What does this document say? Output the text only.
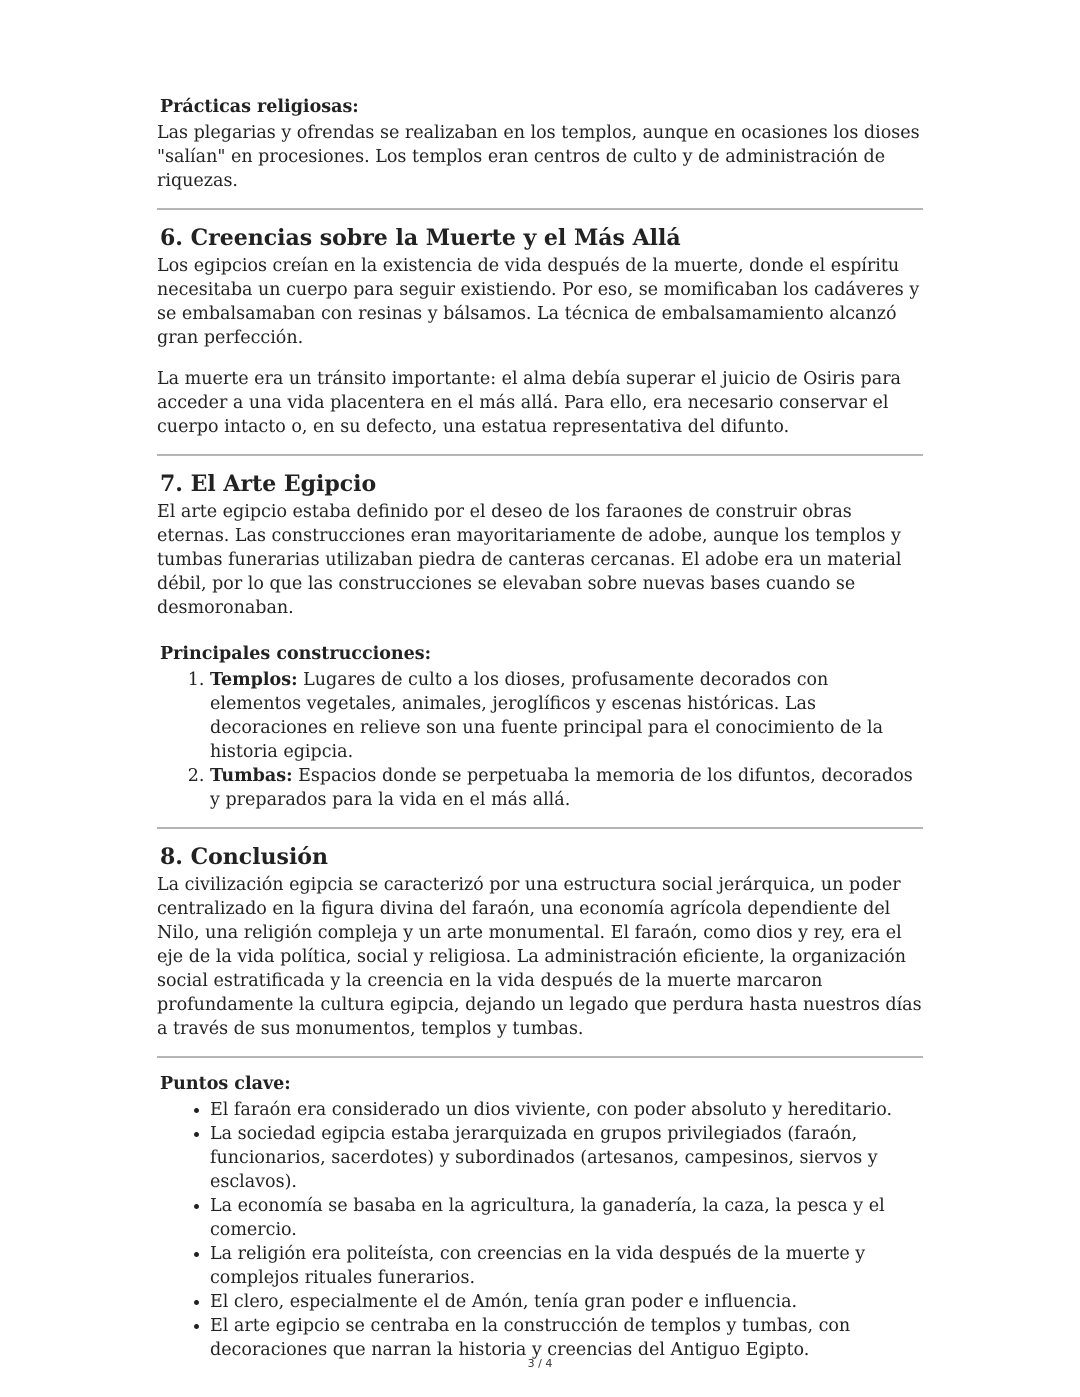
Prácticas religiosas:

Las plegarias y ofrendas se realizaban en los templos, aunque en ocasiones los dioses "salían" en procesiones. Los templos eran centros de culto y de administración de riquezas.

6. Creencias sobre la Muerte y el Más Allá

Los egipcios creían en la existencia de vida después de la muerte, donde el espíritu necesitaba un cuerpo para seguir existiendo. Por eso, se momificaban los cadáveres y se embalsamaban con resinas y bálsamos. La técnica de embalsamamiento alcanzó gran perfección.

La muerte era un tránsito importante: el alma debía superar el juicio de Osiris para acceder a una vida placentera en el más allá. Para ello, era necesario conservar el cuerpo intacto o, en su defecto, una estatua representativa del difunto.

7. El Arte Egipcio

El arte egipcio estaba definido por el deseo de los faraones de construir obras eternas. Las construcciones eran mayoritariamente de adobe, aunque los templos y tumbas funerarias utilizaban piedra de canteras cercanas. El adobe era un material débil, por lo que las construcciones se elevaban sobre nuevas bases cuando se desmoronaban.

Principales construcciones:
1. Templos: Lugares de culto a los dioses, profusamente decorados con elementos vegetales, animales, jeroglíficos y escenas históricas. Las decoraciones en relieve son una fuente principal para el conocimiento de la historia egipcia.
2. Tumbas: Espacios donde se perpetuaba la memoria de los difuntos, decorados y preparados para la vida en el más allá.
8. Conclusión

La civilización egipcia se caracterizó por una estructura social jerárquica, un poder centralizado en la figura divina del faraón, una economía agrícola dependiente del Nilo, una religión compleja y un arte monumental. El faraón, como dios y rey, era el eje de la vida política, social y religiosa. La administración eficiente, la organización social estratificada y la creencia en la vida después de la muerte marcaron profundamente la cultura egipcia, dejando un legado que perdura hasta nuestros días a través de sus monumentos, templos y tumbas.

Puntos clave:
• El faraón era considerado un dios viviente, con poder absoluto y hereditario.
• La sociedad egipcia estaba jerarquizada en grupos privilegiados (faraón, funcionarios, sacerdotes) y subordinados (artesanos, campesinos, siervos y esclavos).
• La economía se basaba en la agricultura, la ganadería, la caza, la pesca y el comercio.
• La religión era politeísta, con creencias en la vida después de la muerte y complejos rituales funerarios.
• El clero, especialmente el de Amón, tenía gran poder e influencia.
• El arte egipcio se centraba en la construcción de templos y tumbas, con decoraciones que narran la historia y creencias del Antiguo Egipto.
3 / 4
